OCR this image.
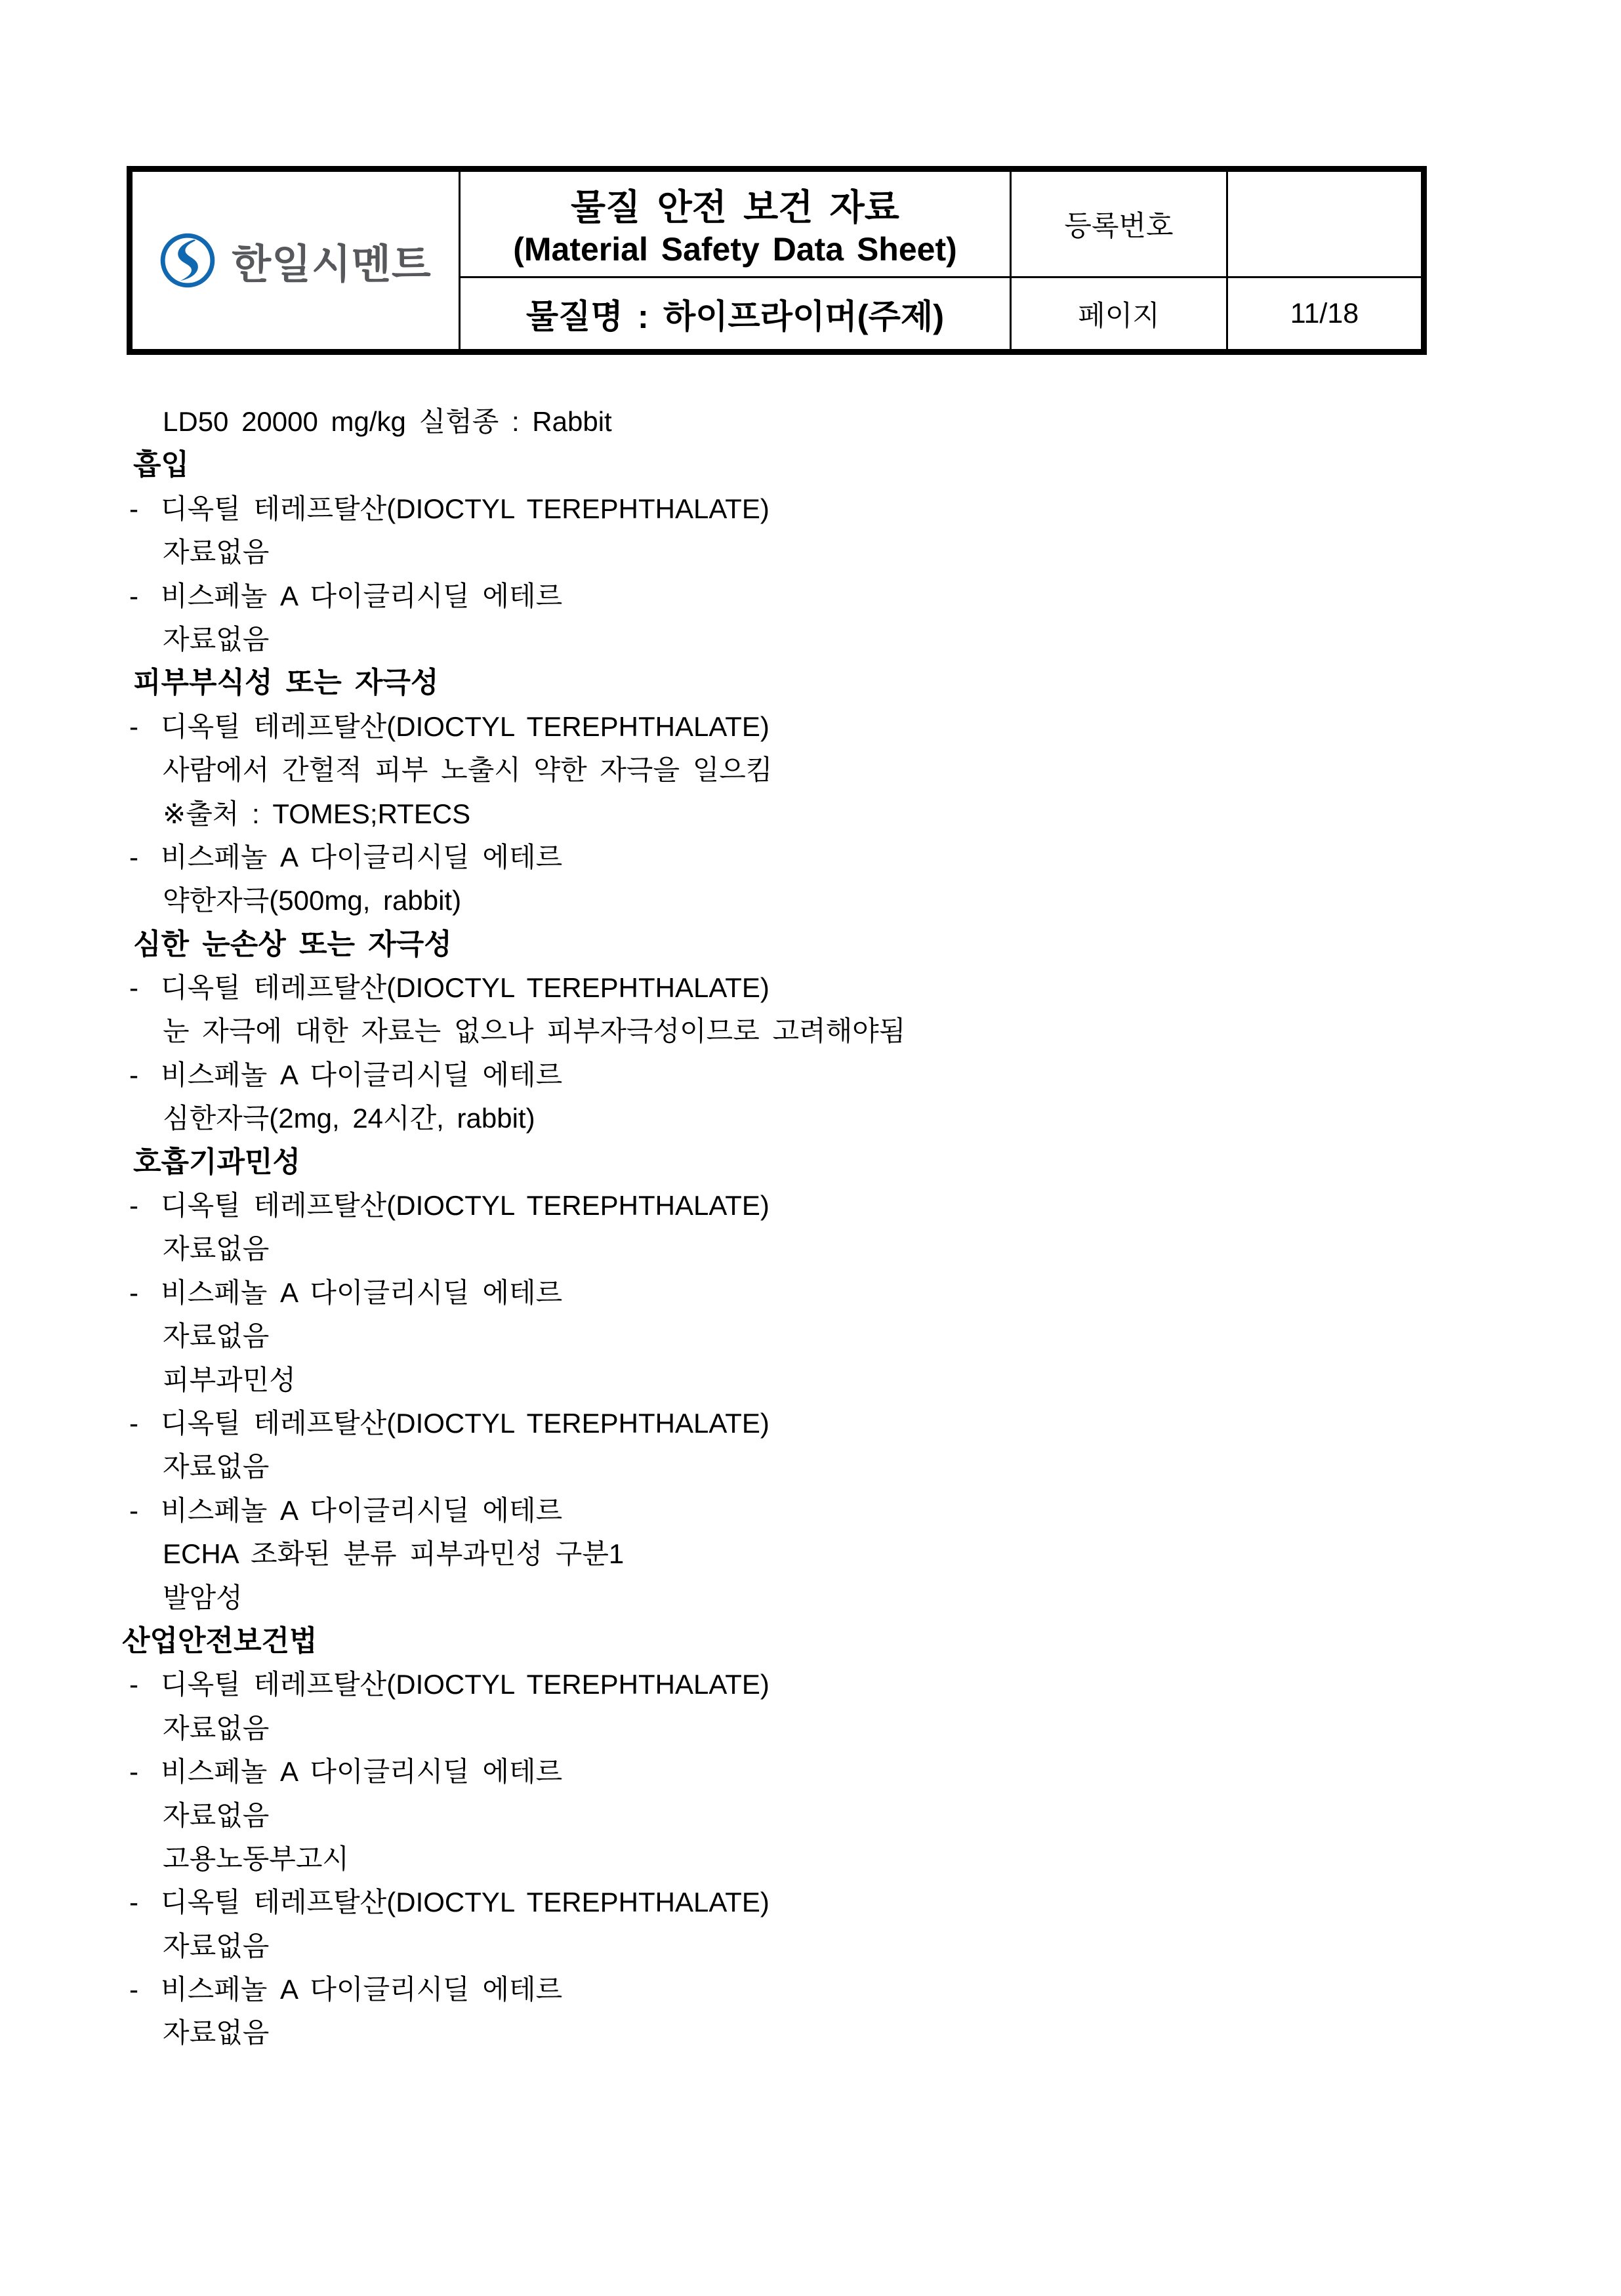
한일시멘트
물질 안전 보건 자료
(Material Safety Data Sheet)
등록번호
물질명 : 하이프라이머(주제)	페이지	11/18
LD50 20000 mg/kg 실험종 : Rabbit
흡입
- 디옥틸 테레프탈산(DIOCTYL TEREPHTHALATE)
자료없음
- 비스페놀 A 다이글리시딜 에테르
자료없음
피부부식성 또는 자극성
- 디옥틸 테레프탈산(DIOCTYL TEREPHTHALATE)
사람에서 간헐적 피부 노출시 약한 자극을 일으킴
※출처 : TOMES;RTECS
- 비스페놀 A 다이글리시딜 에테르
약한자극(500mg, rabbit)
심한 눈손상 또는 자극성
- 디옥틸 테레프탈산(DIOCTYL TEREPHTHALATE)
눈 자극에 대한 자료는 없으나 피부자극성이므로 고려해야됨
- 비스페놀 A 다이글리시딜 에테르
심한자극(2mg, 24시간, rabbit)
호흡기과민성
- 디옥틸 테레프탈산(DIOCTYL TEREPHTHALATE)
자료없음
- 비스페놀 A 다이글리시딜 에테르
자료없음
피부과민성
- 디옥틸 테레프탈산(DIOCTYL TEREPHTHALATE)
자료없음
- 비스페놀 A 다이글리시딜 에테르
ECHA 조화된 분류 피부과민성 구분1
발암성
산업안전보건법
- 디옥틸 테레프탈산(DIOCTYL TEREPHTHALATE)
자료없음
- 비스페놀 A 다이글리시딜 에테르
자료없음
고용노동부고시
- 디옥틸 테레프탈산(DIOCTYL TEREPHTHALATE)
자료없음
- 비스페놀 A 다이글리시딜 에테르
자료없음
